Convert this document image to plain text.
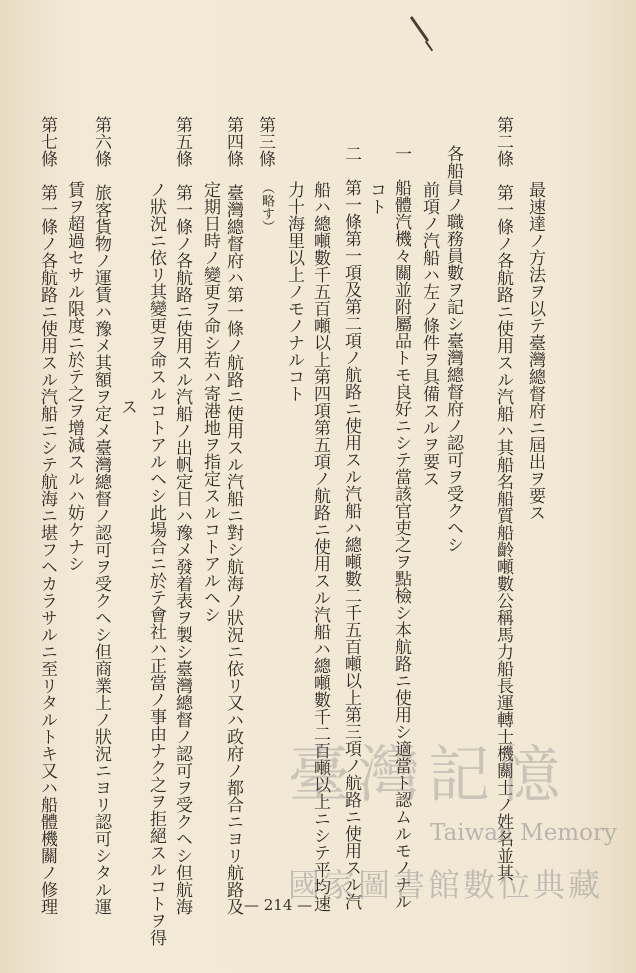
最速達ノ方法ヲ以テ臺灣總督府ニ屆出ヲ要ス
第二條　第一條ノ各航路ニ使用スル汽船ハ其船名船質船齡噸數公稱馬力船長運轉士機關士ノ姓名並其
各船員ノ職務員數ヲ記シ臺灣總督府ノ認可ヲ受クヘシ
前項ノ汽船ハ左ノ條件ヲ具備スルヲ要ス
一　船體汽機々關並附屬品トモ良好ニシテ當該官吏之ヲ點檢シ本航路ニ使用シ適當ト認ムルモノナル
コト
二　第一條第一項及第二項ノ航路ニ使用スル汽船ハ總噸數二千五百噸以上第三項ノ航路ニ使用スル汽
船ハ總噸數千五百噸以上第四項第五項ノ航路ニ使用スル汽船ハ總噸數千二百噸以上ニシテ平均速
力十海里以上ノモノナルコト
第三條
（略す）
第四條　臺灣總督府ハ第一條ノ航路ニ使用スル汽船ニ對シ航海ノ狀況ニ依リ又ハ政府ノ都合ニヨリ航路及
定期日時ノ變更ヲ命シ若ハ寄港地ヲ指定スルコトアルヘシ
第五條　第一條ノ各航路ニ使用スル汽船ノ出帆定日ハ豫メ發着表ヲ製シ臺灣總督ノ認可ヲ受クヘシ但航海
ノ狀況ニ依リ其變更ヲ命スルコトアルヘシ此場合ニ於テ會社ハ正當ノ事由ナク之ヲ拒絕スルコトヲ得
ス
第六條　旅客貨物ノ運賃ハ豫メ其額ヲ定メ臺灣總督ノ認可ヲ受クヘシ但商業上ノ狀況ニヨリ認可シタル運
賃ヲ超過セサル限度ニ於テ之ヲ增減スルハ妨ケナシ
第七條　第一條ノ各航路ニ使用スル汽船ニシテ航海ニ堪フヘカラサルニ至リタルトキ又ハ船體機關ノ修理	— 214 —
臺灣記憶
Taiwan Memory
國家圖書館數位典藏
